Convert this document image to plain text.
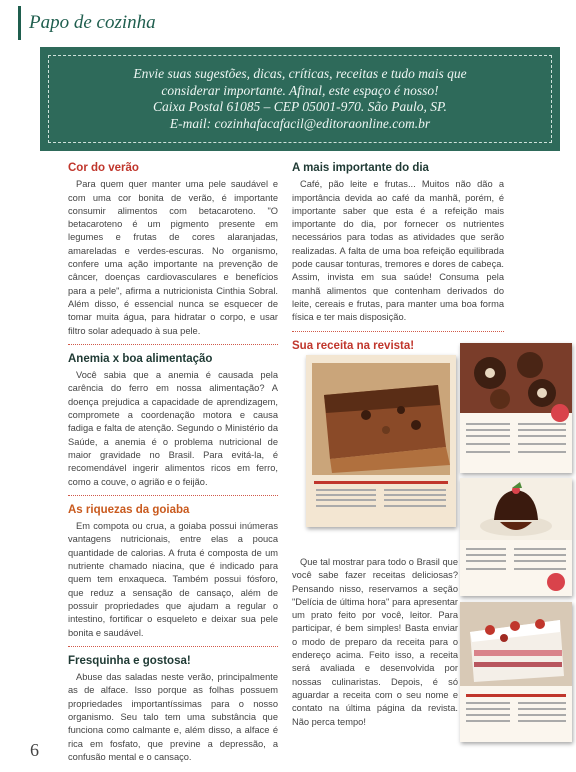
Papo de cozinha
Envie suas sugestões, dicas, críticas, receitas e tudo mais que
considerar importante. Afinal, este espaço é nosso!
Caixa Postal 61085 – CEP 05001-970. São Paulo, SP.
E-mail: cozinhafacafacil@editoraonline.com.br
Cor do verão
Para quem quer manter uma pele saudável e com uma cor bonita de verão, é importante consumir alimentos com betacaroteno. "O betacaroteno é um pigmento presente em legumes e frutas de cores alaranjadas, amareladas e verdes-escuras. No organismo, confere uma ação importante na prevenção de câncer, doenças cardiovasculares e benefícios para a pele", afirma a nutricionista Cinthia Sobral. Além disso, é essencial nunca se esquecer de tomar muita água, para hidratar o corpo, e usar filtro solar adequado à sua pele.
Anemia x boa alimentação
Você sabia que a anemia é causada pela carência do ferro em nossa alimentação? A doença prejudica a capacidade de aprendizagem, compromete a coordenação motora e causa fadiga e falta de atenção. Segundo o Ministério da Saúde, a anemia é o problema nutricional de maior gravidade no Brasil. Para evitá-la, é recomendável ingerir alimentos ricos em ferro, como a couve, o agrião e o feijão.
As riquezas da goiaba
Em compota ou crua, a goiaba possui inúmeras vantagens nutricionais, entre elas a pouca quantidade de calorias. A fruta é composta de um nutriente chamado niacina, que é indicado para quem tem enxaqueca. Também possui fósforo, que reduz a sensação de cansaço, além de possuir propriedades que ajudam a regular o intestino, fortificar o esqueleto e deixar sua pele bonita e saudável.
Fresquinha e gostosa!
Abuse das saladas neste verão, principalmente as de alface. Isso porque as folhas possuem propriedades importantíssimas para o nosso organismo. Seu talo tem uma substância que funciona como calmante e, além disso, a alface é rica em fosfato, que previne a depressão, a confusão mental e o cansaço.
A mais importante do dia
Café, pão leite e frutas... Muitos não dão a importância devida ao café da manhã, porém, é importante saber que esta é a refeição mais importante do dia, por fornecer os nutrientes necessários para todas as atividades que serão realizadas. A falta de uma boa refeição equilibrada pode causar tonturas, tremores e dores de cabeça. Assim, invista em sua saúde! Consuma pela manhã alimentos que contenham derivados do leite, cereais e frutas, para manter uma boa forma física e ter mais disposição.
Sua receita na revista!
Que tal mostrar para todo o Brasil que você sabe fazer receitas deliciosas? Pensando nisso, reservamos a seção "Delícia de última hora" para apresentar um prato feito por você, leitor. Para participar, é bem simples! Basta enviar o modo de preparo da receita para o endereço acima. Feito isso, a receita será avaliada e desenvolvida por nossas culinaristas. Depois, é só aguardar a receita com o seu nome e contato na última página da revista. Não perca tempo!
6
